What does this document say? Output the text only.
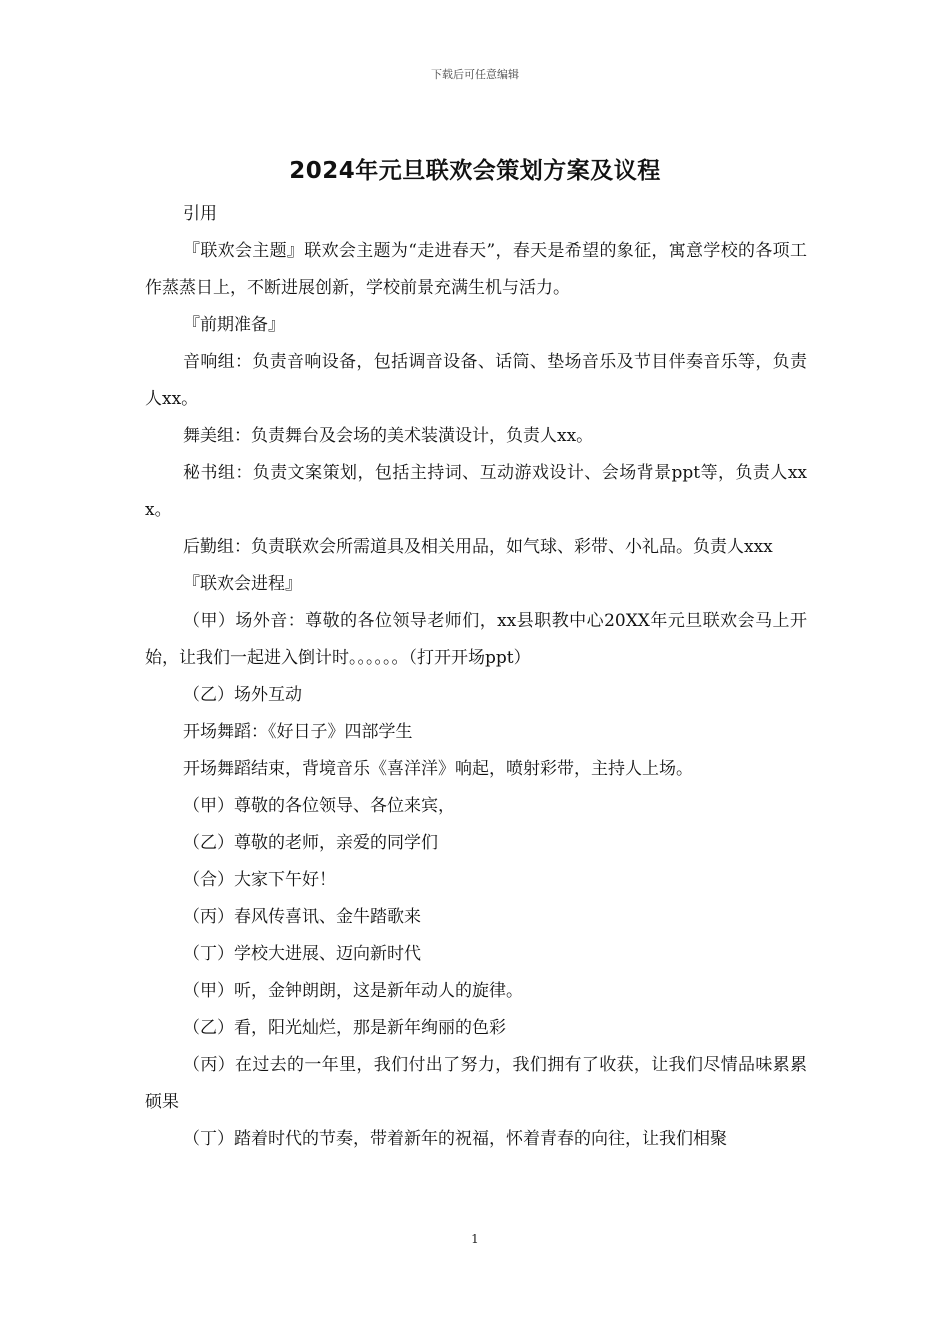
下载后可任意编辑
2024年元旦联欢会策划方案及议程

引用

『联欢会主题』联欢会主题为“走进春天”，春天是希望的象征，寓意学校的各项工作蒸蒸日上，不断进展创新，学校前景充满生机与活力。

『前期准备』

音响组：负责音响设备，包括调音设备、话筒、垫场音乐及节目伴奏音乐等，负责人xx。

舞美组：负责舞台及会场的美术装潢设计，负责人xx。

秘书组：负责文案策划，包括主持词、互动游戏设计、会场背景ppt等，负责人xxx。

后勤组：负责联欢会所需道具及相关用品，如气球、彩带、小礼品。负责人xxx

『联欢会进程』

（甲）场外音：尊敬的各位领导老师们，xx县职教中心20XX年元旦联欢会马上开始，让我们一起进入倒计时。。。。。。（打开开场ppt）

（乙）场外互动

开场舞蹈：《好日子》四部学生

开场舞蹈结束，背境音乐《喜洋洋》响起，喷射彩带，主持人上场。

（甲）尊敬的各位领导、各位来宾，

（乙）尊敬的老师，亲爱的同学们

（合）大家下午好！

（丙）春风传喜讯、金牛踏歌来

（丁）学校大进展、迈向新时代

（甲）听，金钟朗朗，这是新年动人的旋律。

（乙）看，阳光灿烂，那是新年绚丽的色彩

（丙）在过去的一年里，我们付出了努力，我们拥有了收获，让我们尽情品味累累硕果

（丁）踏着时代的节奏，带着新年的祝福，怀着青春的向往，让我们相聚

1
